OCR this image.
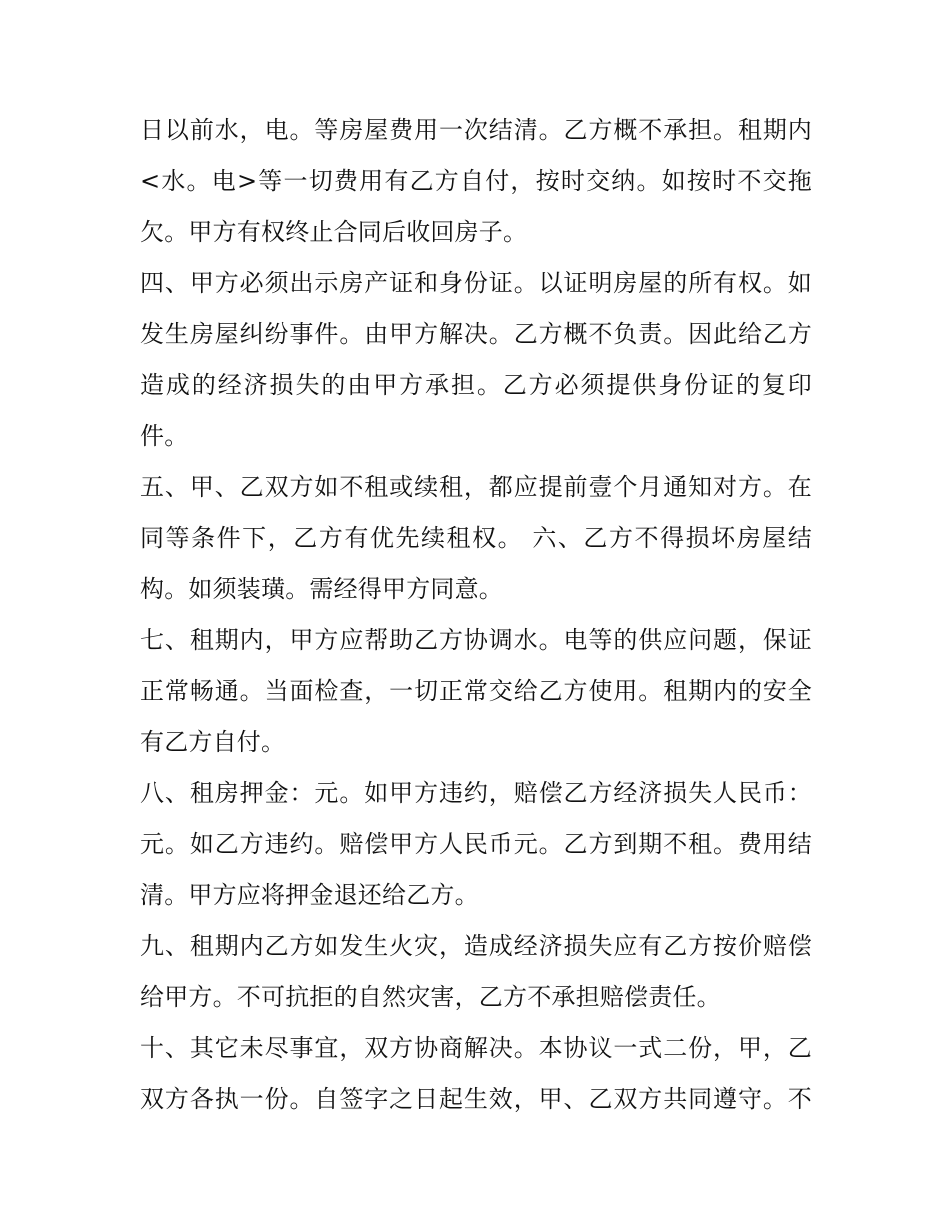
日以前水，电。等房屋费用一次结清。乙方概不承担。租期内
<水。电>等一切费用有乙方自付，按时交纳。如按时不交拖
欠。甲方有权终止合同后收回房子。
四、甲方必须出示房产证和身份证。以证明房屋的所有权。如
发生房屋纠纷事件。由甲方解决。乙方概不负责。因此给乙方
造成的经济损失的由甲方承担。乙方必须提供身份证的复印
件。
五、甲、乙双方如不租或续租，都应提前壹个月通知对方。在
同等条件下，乙方有优先续租权。 六、乙方不得损坏房屋结
构。如须装璜。需经得甲方同意。
七、租期内，甲方应帮助乙方协调水。电等的供应问题，保证
正常畅通。当面检查，一切正常交给乙方使用。租期内的安全
有乙方自付。
八、租房押金：元。如甲方违约，赔偿乙方经济损失人民币：
元。如乙方违约。赔偿甲方人民币元。乙方到期不租。费用结
清。甲方应将押金退还给乙方。
九、租期内乙方如发生火灾，造成经济损失应有乙方按价赔偿
给甲方。不可抗拒的自然灾害，乙方不承担赔偿责任。
十、其它未尽事宜，双方协商解决。本协议一式二份，甲，乙
双方各执一份。自签字之日起生效，甲、乙双方共同遵守。不
